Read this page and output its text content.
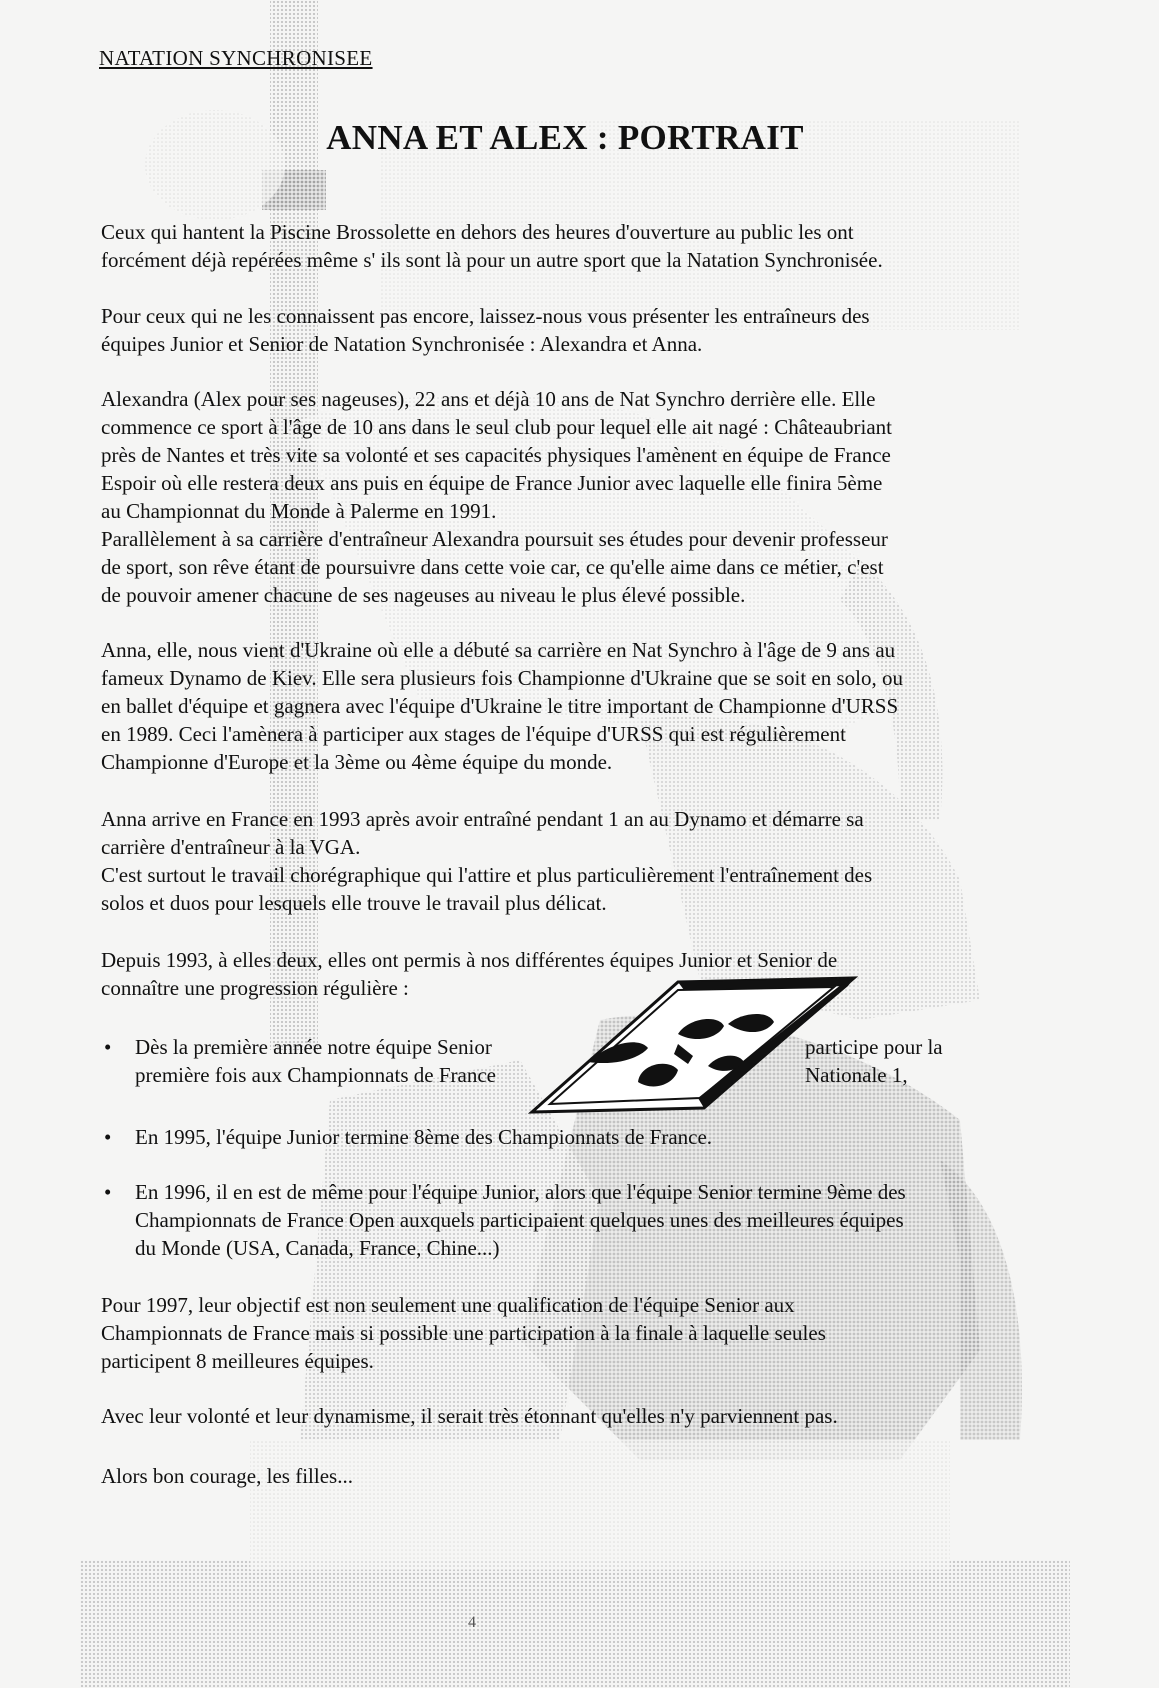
NATATION SYNCHRONISEE
ANNA ET ALEX : PORTRAIT

Ceux qui hantent la Piscine Brossolette en dehors des heures d'ouverture au public les ont

forcément déjà repérées même s' ils sont là pour un autre sport que la Natation Synchronisée.

Pour ceux qui ne les connaissent pas encore, laissez-nous vous présenter les entraîneurs des

équipes Junior et Senior de Natation Synchronisée : Alexandra et Anna.

Alexandra (Alex pour ses nageuses), 22 ans et déjà 10 ans de Nat Synchro derrière elle. Elle

commence ce sport à l'âge de 10 ans dans le seul club pour lequel elle ait nagé : Châteaubriant

près de Nantes et très vite sa volonté et ses capacités physiques l'amènent en équipe de France

Espoir où elle restera deux ans puis en équipe de France Junior avec laquelle elle finira 5ème

au Championnat du Monde à Palerme en 1991.

Parallèlement à sa carrière d'entraîneur Alexandra poursuit ses études pour devenir professeur

de sport, son rêve étant de poursuivre dans cette voie car, ce qu'elle aime dans ce métier, c'est

de pouvoir amener chacune de ses nageuses au niveau le plus élevé possible.

Anna, elle, nous vient d'Ukraine où elle a débuté sa carrière en Nat Synchro à l'âge de 9 ans au

fameux Dynamo de Kiev. Elle sera plusieurs fois Championne d'Ukraine que se soit en solo, ou

en ballet d'équipe et gagnera avec l'équipe d'Ukraine le titre important de Championne d'URSS

en 1989. Ceci l'amènera à participer aux stages de l'équipe d'URSS qui est régulièrement

Championne d'Europe et la 3ème ou 4ème équipe du monde.

Anna arrive en France en 1993 après avoir entraîné pendant 1 an au Dynamo et démarre sa

carrière d'entraîneur à la VGA.

C'est surtout le travail chorégraphique qui l'attire et plus particulièrement l'entraînement des

solos et duos pour lesquels elle trouve le travail plus délicat.

Depuis 1993, à elles deux, elles ont permis à nos différentes équipes Junior et Senior de

connaître une progression régulière :

•	Dès la première année notre équipe Senior
première fois aux Championnats de France
participe pour la
Nationale 1,
•	En 1995, l'équipe Junior termine 8ème des Championnats de France.
•	En 1996, il en est de même pour l'équipe Junior, alors que l'équipe Senior termine 9ème des
Championnats de France Open auxquels participaient quelques unes des meilleures équipes
du Monde (USA, Canada, France, Chine...)

Pour 1997, leur objectif est non seulement une qualification de l'équipe Senior aux

Championnats de France mais si possible une participation à la finale à laquelle seules

participent 8 meilleures équipes.

Avec leur volonté et leur dynamisme, il serait très étonnant qu'elles n'y parviennent pas.

Alors bon courage, les filles...

4
